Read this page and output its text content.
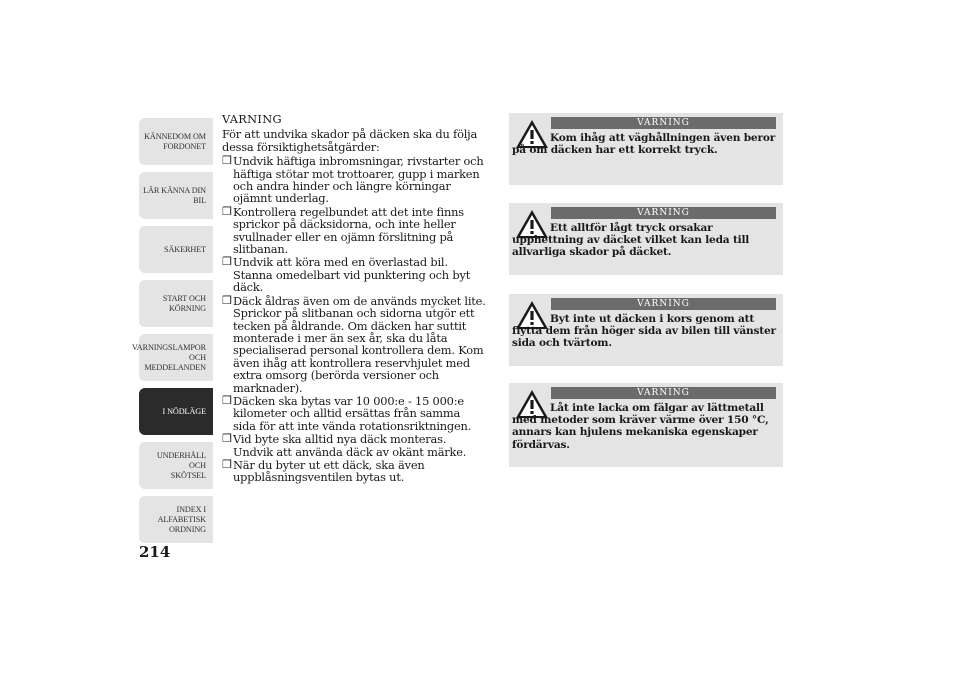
KÄNNEDOM OM
FORDONET
LÄR KÄNNA DIN
BIL
SÄKERHET
START OCH
KÖRNING
VARNINGSLAMPOR
OCH
MEDDELANDEN
I NÖDLÄGE
UNDERHÅLL OCH
SKÖTSEL
INDEX I
ALFABETISK
ORDNING
214
VARNING
För att undvika skador på däcken ska du följa dessa försiktighetsåtgärder:
❒ Undvik häftiga inbromsningar, rivstarter och häftiga stötar mot trottoarer, gupp i marken och andra hinder och längre körningar ojämnt underlag.
❒ Kontrollera regelbundet att det inte finns sprickor på däcksidorna, och inte heller svullnader eller en ojämn förslitning på slitbanan.
❒ Undvik att köra med en överlastad bil. Stanna omedelbart vid punktering och byt däck.
❒ Däck åldras även om de används mycket lite. Sprickor på slitbanan och sidorna utgör ett tecken på åldrande. Om däcken har suttit monterade i mer än sex år, ska du låta specialiserad personal kontrollera dem. Kom även ihåg att kontrollera reservhjulet med extra omsorg (berörda versioner och marknader).
❒ Däcken ska bytas var 10 000:e - 15 000:e kilometer och alltid ersättas från samma sida för att inte vända rotationsriktningen.
❒ Vid byte ska alltid nya däck monteras. Undvik att använda däck av okänt märke.
❒ När du byter ut ett däck, ska även uppblåsningsventilen bytas ut.
VARNING
Kom ihåg att väghållningen även beror på om däcken har ett korrekt tryck.
VARNING
Ett alltför lågt tryck orsakar upphettning av däcket vilket kan leda till allvarliga skador på däcket.
VARNING
Byt inte ut däcken i kors genom att flytta dem från höger sida av bilen till vänster sida och tvärtom.
VARNING
Låt inte lacka om fälgar av lättmetall med metoder som kräver värme över 150 °C, annars kan hjulens mekaniska egenskaper fördärvas.
